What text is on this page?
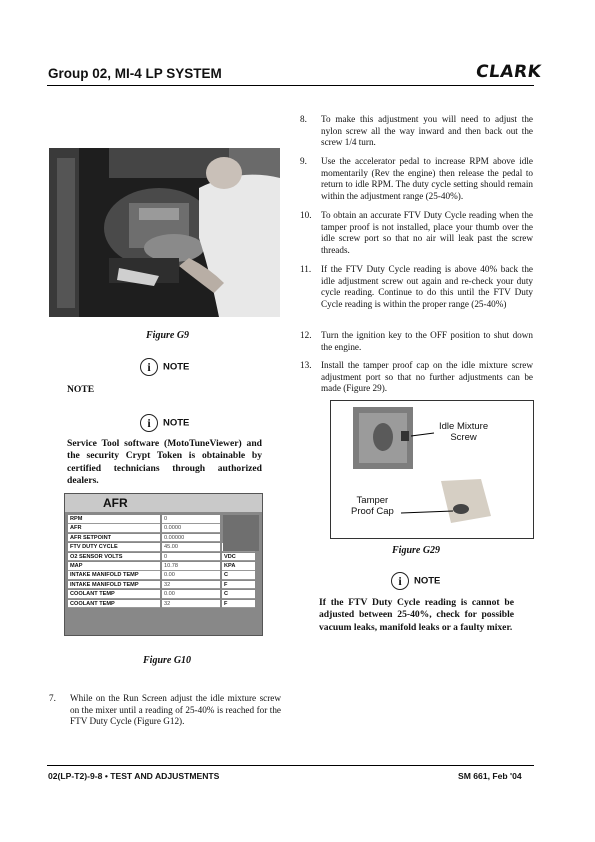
Group 02, MI-4 LP SYSTEM	CLARK
Figure G9
i NOTE
NOTE
i NOTE
Service Tool software (MotoTuneViewer) and the security Crypt Token is obtainable by certified technicians through authorized dealers.
AFR
RPM	0
AFR	0.0000
AFR SETPOINT	0.00000
FTV DUTY CYCLE	45.00
O2 SENSOR VOLTS	0	VDC
MAP	10.78	KPA
INTAKE MANIFOLD TEMP	0.00	C
INTAKE MANIFOLD TEMP	32	F
COOLANT TEMP	0.00	C
COOLANT TEMP	32	F
Figure G10
7. While on the Run Screen adjust the idle mixture screw on the mixer until a reading of 25-40% is reached for the FTV Duty Cycle (Figure G12).
8. To make this adjustment you will need to adjust the nylon screw all the way inward and then back out the screw 1/4 turn.
9. Use the accelerator pedal to increase RPM above idle momentarily (Rev the engine) then release the pedal to return to idle RPM. The duty cycle setting should remain within the adjustment range (25-40%).
10. To obtain an accurate FTV Duty Cycle reading when the tamper proof is not installed, place your thumb over the idle screw port so that no air will leak past the screw threads.
11. If the FTV Duty Cycle reading is above 40% back the idle adjustment screw out again and re-check your duty cycle reading. Continue to do this until the FTV Duty Cycle reading is within the proper range (25-40%)
12. Turn the ignition key to the OFF position to shut down the engine.
13. Install the tamper proof cap on the idle mixture screw adjustment port so that no further adjustments can be made (Figure 29).
Idle Mixture
Screw
Tamper
Proof Cap
Figure G29
i NOTE
If the FTV Duty Cycle reading is cannot be adjusted between 25-40%, check for possible vacuum leaks, manifold leaks or a faulty mixer.
02(LP-T2)-9-8 • TEST AND ADJUSTMENTS	SM 661, Feb '04
